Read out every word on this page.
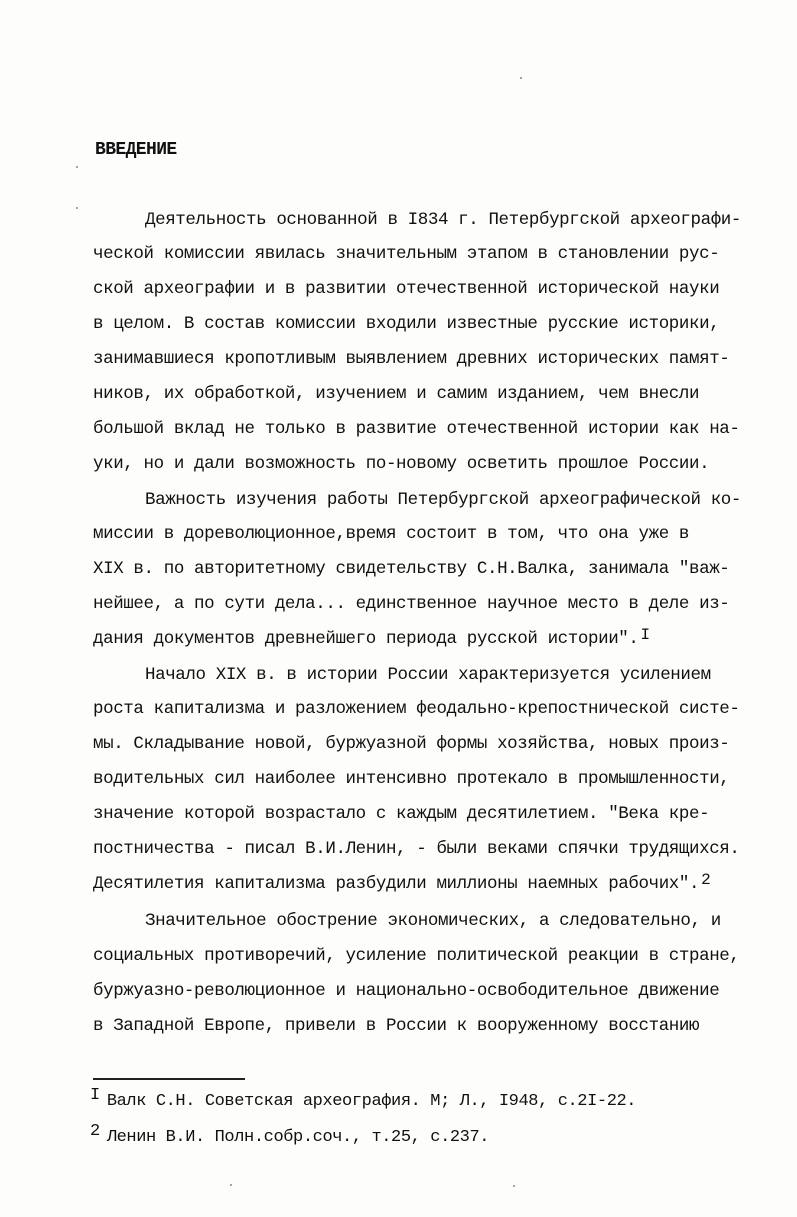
ВВЕДЕНИЕ
Деятельность основанной в I834 г. Петербургской археографи-
ческой комиссии явилась значительным этапом в становлении рус-
ской археографии и в развитии отечественной исторической науки
в целом. В состав комиссии входили известные русские историки,
занимавшиеся кропотливым выявлением древних исторических памят-
ников, их обработкой, изучением и самим изданием, чем внесли
большой вклад не только в развитие отечественной истории как на-
уки, но и дали возможность по-новому осветить прошлое России.
Важность изучения работы Петербургской археографической ко-
миссии в дореволюционное,время состоит в том, что она уже в
XIX в. по авторитетному свидетельству С.Н.Валка, занимала "важ-
нейшее, а по сути дела... единственное научное место в деле из-
дания документов древнейшего периода русской истории". $^I$
Начало XIX в. в истории России характеризуется усилением
роста капитализма и разложением феодально-крепостнической систе-
мы. Складывание новой, буржуазной формы хозяйства, новых произ-
водительных сил наиболее интенсивно протекало в промышленности,
значение которой возрастало с каждым десятилетием. "Века кре-
постничества - писал В.И.Ленин, - были веками спячки трудящихся.
Десятилетия капитализма разбудили миллионы наемных рабочих". $^2$
Значительное обострение экономических, а следовательно, и
социальных противоречий, усиление политической реакции в стране,
буржуазно-революционное и национально-освободительное движение
в Западной Европе, привели в России к вооруженному восстанию
I Валк С.Н. Советская археография. М; Л., I948, с.2I-22.
2 Ленин В.И. Полн.собр.соч., т.25, с.237.
